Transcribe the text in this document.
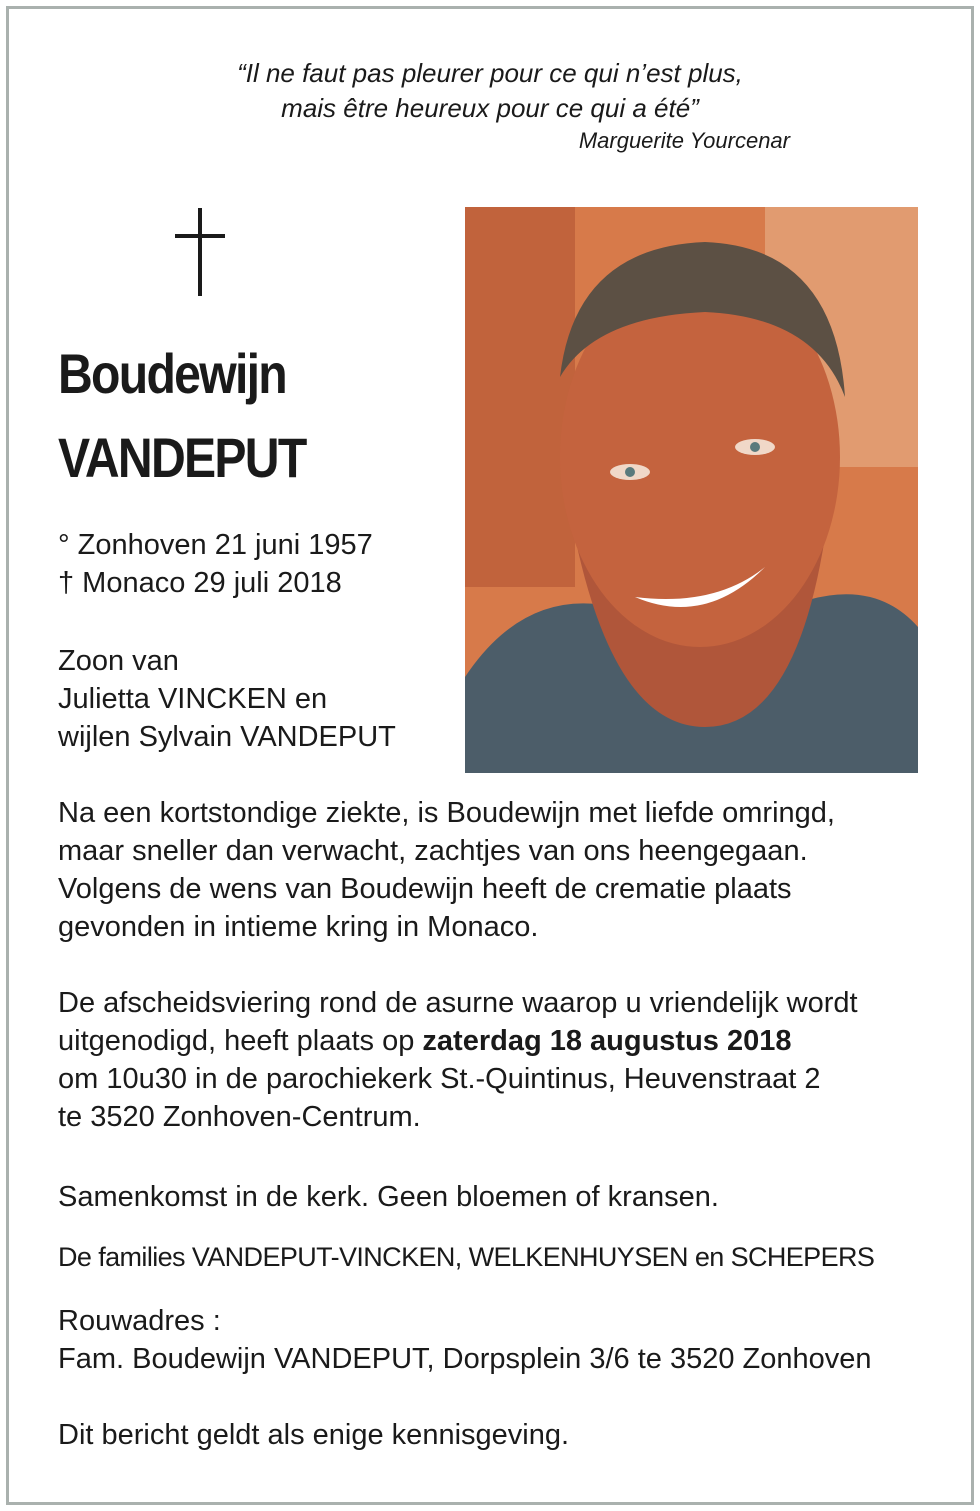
“Il ne faut pas pleurer pour ce qui n’est plus,
mais être heureux pour ce qui a été”
Marguerite Yourcenar
Boudewijn
VANDEPUT
° Zonhoven 21 juni 1957
† Monaco 29 juli 2018
Zoon van
Julietta VINCKEN en
wijlen Sylvain VANDEPUT
Na een kortstondige ziekte, is Boudewijn met liefde omringd,
maar sneller dan verwacht, zachtjes van ons heengegaan.
Volgens de wens van Boudewijn heeft de crematie plaats
gevonden in intieme kring in Monaco.
De afscheidsviering rond de asurne waarop u vriendelijk wordt
uitgenodigd, heeft plaats op zaterdag 18 augustus 2018
om 10u30 in de parochiekerk St.-Quintinus, Heuvenstraat 2
te 3520 Zonhoven-Centrum.
Samenkomst in de kerk. Geen bloemen of kransen.
De families VANDEPUT-VINCKEN, WELKENHUYSEN en SCHEPERS
Rouwadres :
Fam. Boudewijn VANDEPUT, Dorpsplein 3/6 te 3520 Zonhoven
Dit bericht geldt als enige kennisgeving.
